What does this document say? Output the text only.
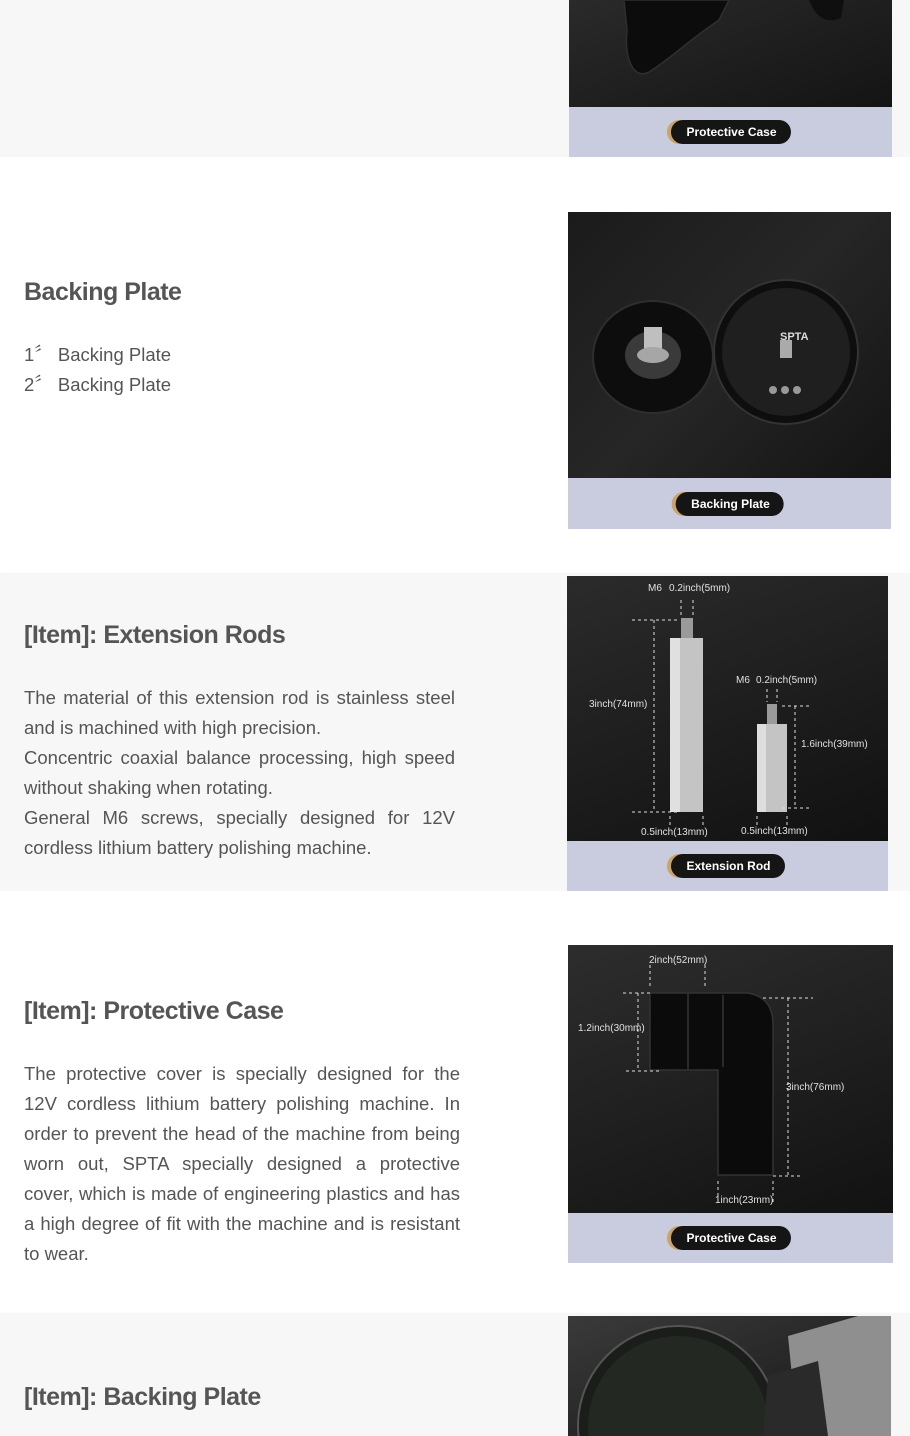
Protective Case
Backing Plate

1〞 Backing Plate

2〞 Backing Plate

SPTA
Backing Plate
[Item]: Extension Rods

The material of this extension rod is stainless steel and is machined with high precision.

Concentric coaxial balance processing, high speed without shaking when rotating.

General M6 screws, specially designed for 12V cordless lithium battery polishing machine.

M6 0.2inch(5mm)
3inch(74mm)
0.5inch(13mm)
M6 0.2inch(5mm)
1.6inch(39mm)
0.5inch(13mm)
Extension Rod
[Item]: Protective Case

The protective cover is specially designed for the 12V cordless lithium battery polishing machine. In order to prevent the head of the machine from being worn out, SPTA specially designed a protective cover, which is made of engineering plastics and has a high degree of fit with the machine and is resistant to wear.

2inch(52mm)
1.2inch(30mm)
3inch(76mm)
1inch(23mm)
Protective Case
[Item]: Backing Plate
